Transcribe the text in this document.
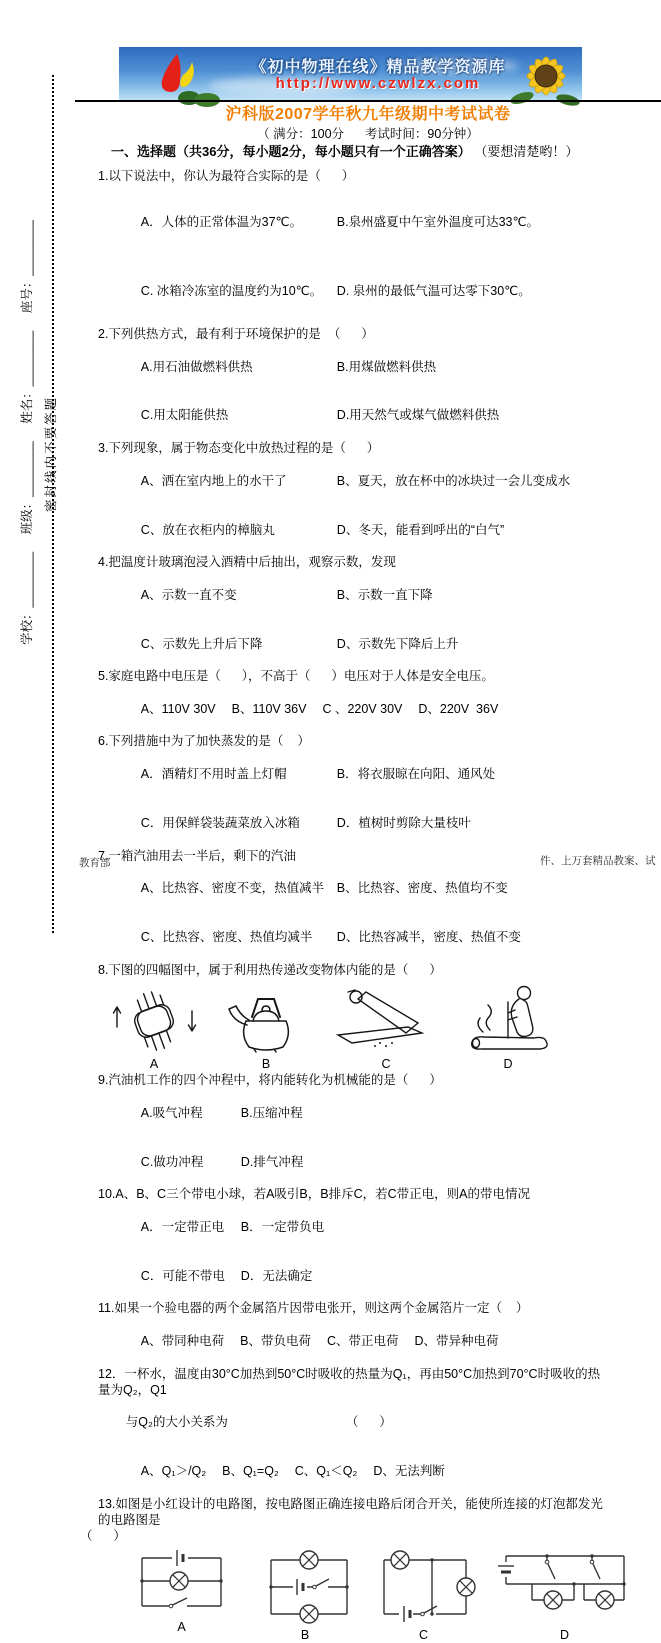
学校：________
班级：________
姓名：________
座号：________
密封线内不要答题
《初中物理在线》精品教学资源库
http://www.czwlzx.com
沪科版2007学年秋九年级期中考试试卷
（ 满分：100分      考试时间：90分钟）
一、选择题（共36分，每小题2分，每小题只有一个正确答案） （要想清楚哟！）
1.以下说法中，你认为最符合实际的是（      ）

A．人体的正常体温为37℃。	B.泉州盛夏中午室外温度可达33℃。

C. 冰箱冷冻室的温度约为10℃。 D. 泉州的最低气温可达零下30℃。

2.下列供热方式，最有利于环境保护的是  （      ）

A.用石油做燃料供热	B.用煤做燃料供热

C.用太阳能供热	D.用天然气或煤气做燃料供热

3.下列现象，属于物态变化中放热过程的是（      ）

A、洒在室内地上的水干了	B、夏天，放在杯中的冰块过一会儿变成水

C、放在衣柜内的樟脑丸	D、冬天，能看到呼出的“白气”

4.把温度计玻璃泡浸入酒精中后抽出，观察示数，发现

A、示数一直不变	B、示数一直下降

C、示数先上升后下降	D、示数先下降后上升

5.家庭电路中电压是（      ），不高于（      ）电压对于人体是安全电压。

A、110V 30V B、110V 36V C 、220V 30V D、220V  36V

6.下列措施中为了加快蒸发的是（    ）

A．酒精灯不用时盖上灯帽	B．将衣服晾在向阳、通风处

C．用保鲜袋装蔬菜放入冰箱	D．植树时剪除大量枝叶

7.一箱汽油用去一半后，剩下的汽油

A、比热容、密度不变，热值减半 B、比热容、密度、热值均不变

C、比热容、密度、热值均减半 D、比热容减半，密度、热值不变

8.下图的四幅图中，属于利用热传递改变物体内能的是（      ）
A	B	C	D
9.汽油机工作的四个冲程中，将内能转化为机械能的是（      ）

A.吸气冲程	B.压缩冲程

C.做功冲程	D.排气冲程

10.A、B、C三个带电小球，若A吸引B，B排斥C，若C带正电，则A的带电情况

A．一定带正电 B．一定带负电

C．可能不带电 D．无法确定

11.如果一个验电器的两个金属箔片因带电张开，则这两个金属箔片一定（    ）

A、带同种电荷 B、带负电荷 C、带正电荷 D、带异种电荷

12．一杯水，温度由30°C加热到50°C时吸收的热量为Q₁，再由50°C加热到70°C时吸收的热量为Q₂，Q1

与Q₂的大小关系为	（      ）

A、Q₁＞/Q₂ B、Q₁=Q₂ C、Q₁＜Q₂ D、无法判断

13.如图是小红设计的电路图，按电路图正确连接电路后闭合开关，能使所连接的灯泡都发光的电路图是
（      ）
A
B	C	D
教育部	件、上万套精品教案、试
